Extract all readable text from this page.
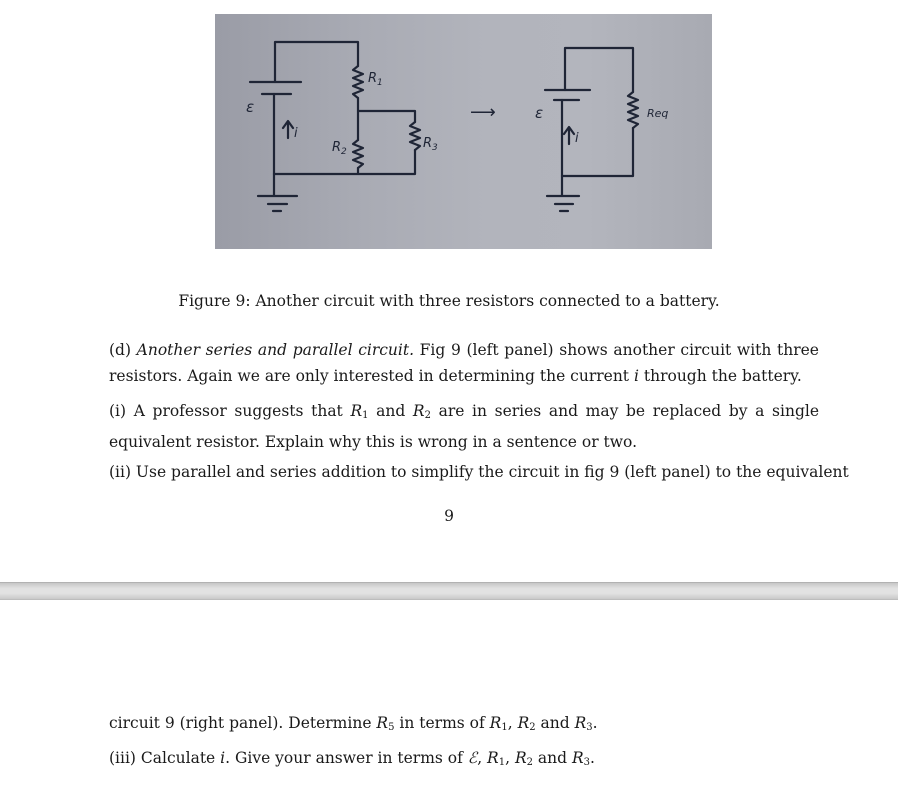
ε
i
$R_1$
$R_2$
$R_3$
⟶	ε
i
Req
Figure 9: Another circuit with three resistors connected to a battery.
(d) Another series and parallel circuit. Fig 9 (left panel) shows another circuit with three resistors. Again we are only interested in determining the current i through the battery.
(i) A professor suggests that $R_1$ and $R_2$ are in series and may be replaced by a single equivalent resistor. Explain why this is wrong in a sentence or two.
(ii) Use parallel and series addition to simplify the circuit in fig 9 (left panel) to the equivalent
9
circuit 9 (right panel). Determine $R_5$ in terms of $R_1$, $R_2$ and $R_3$.
(iii) Calculate i. Give your answer in terms of ℰ, $R_1$, $R_2$ and $R_3$.
